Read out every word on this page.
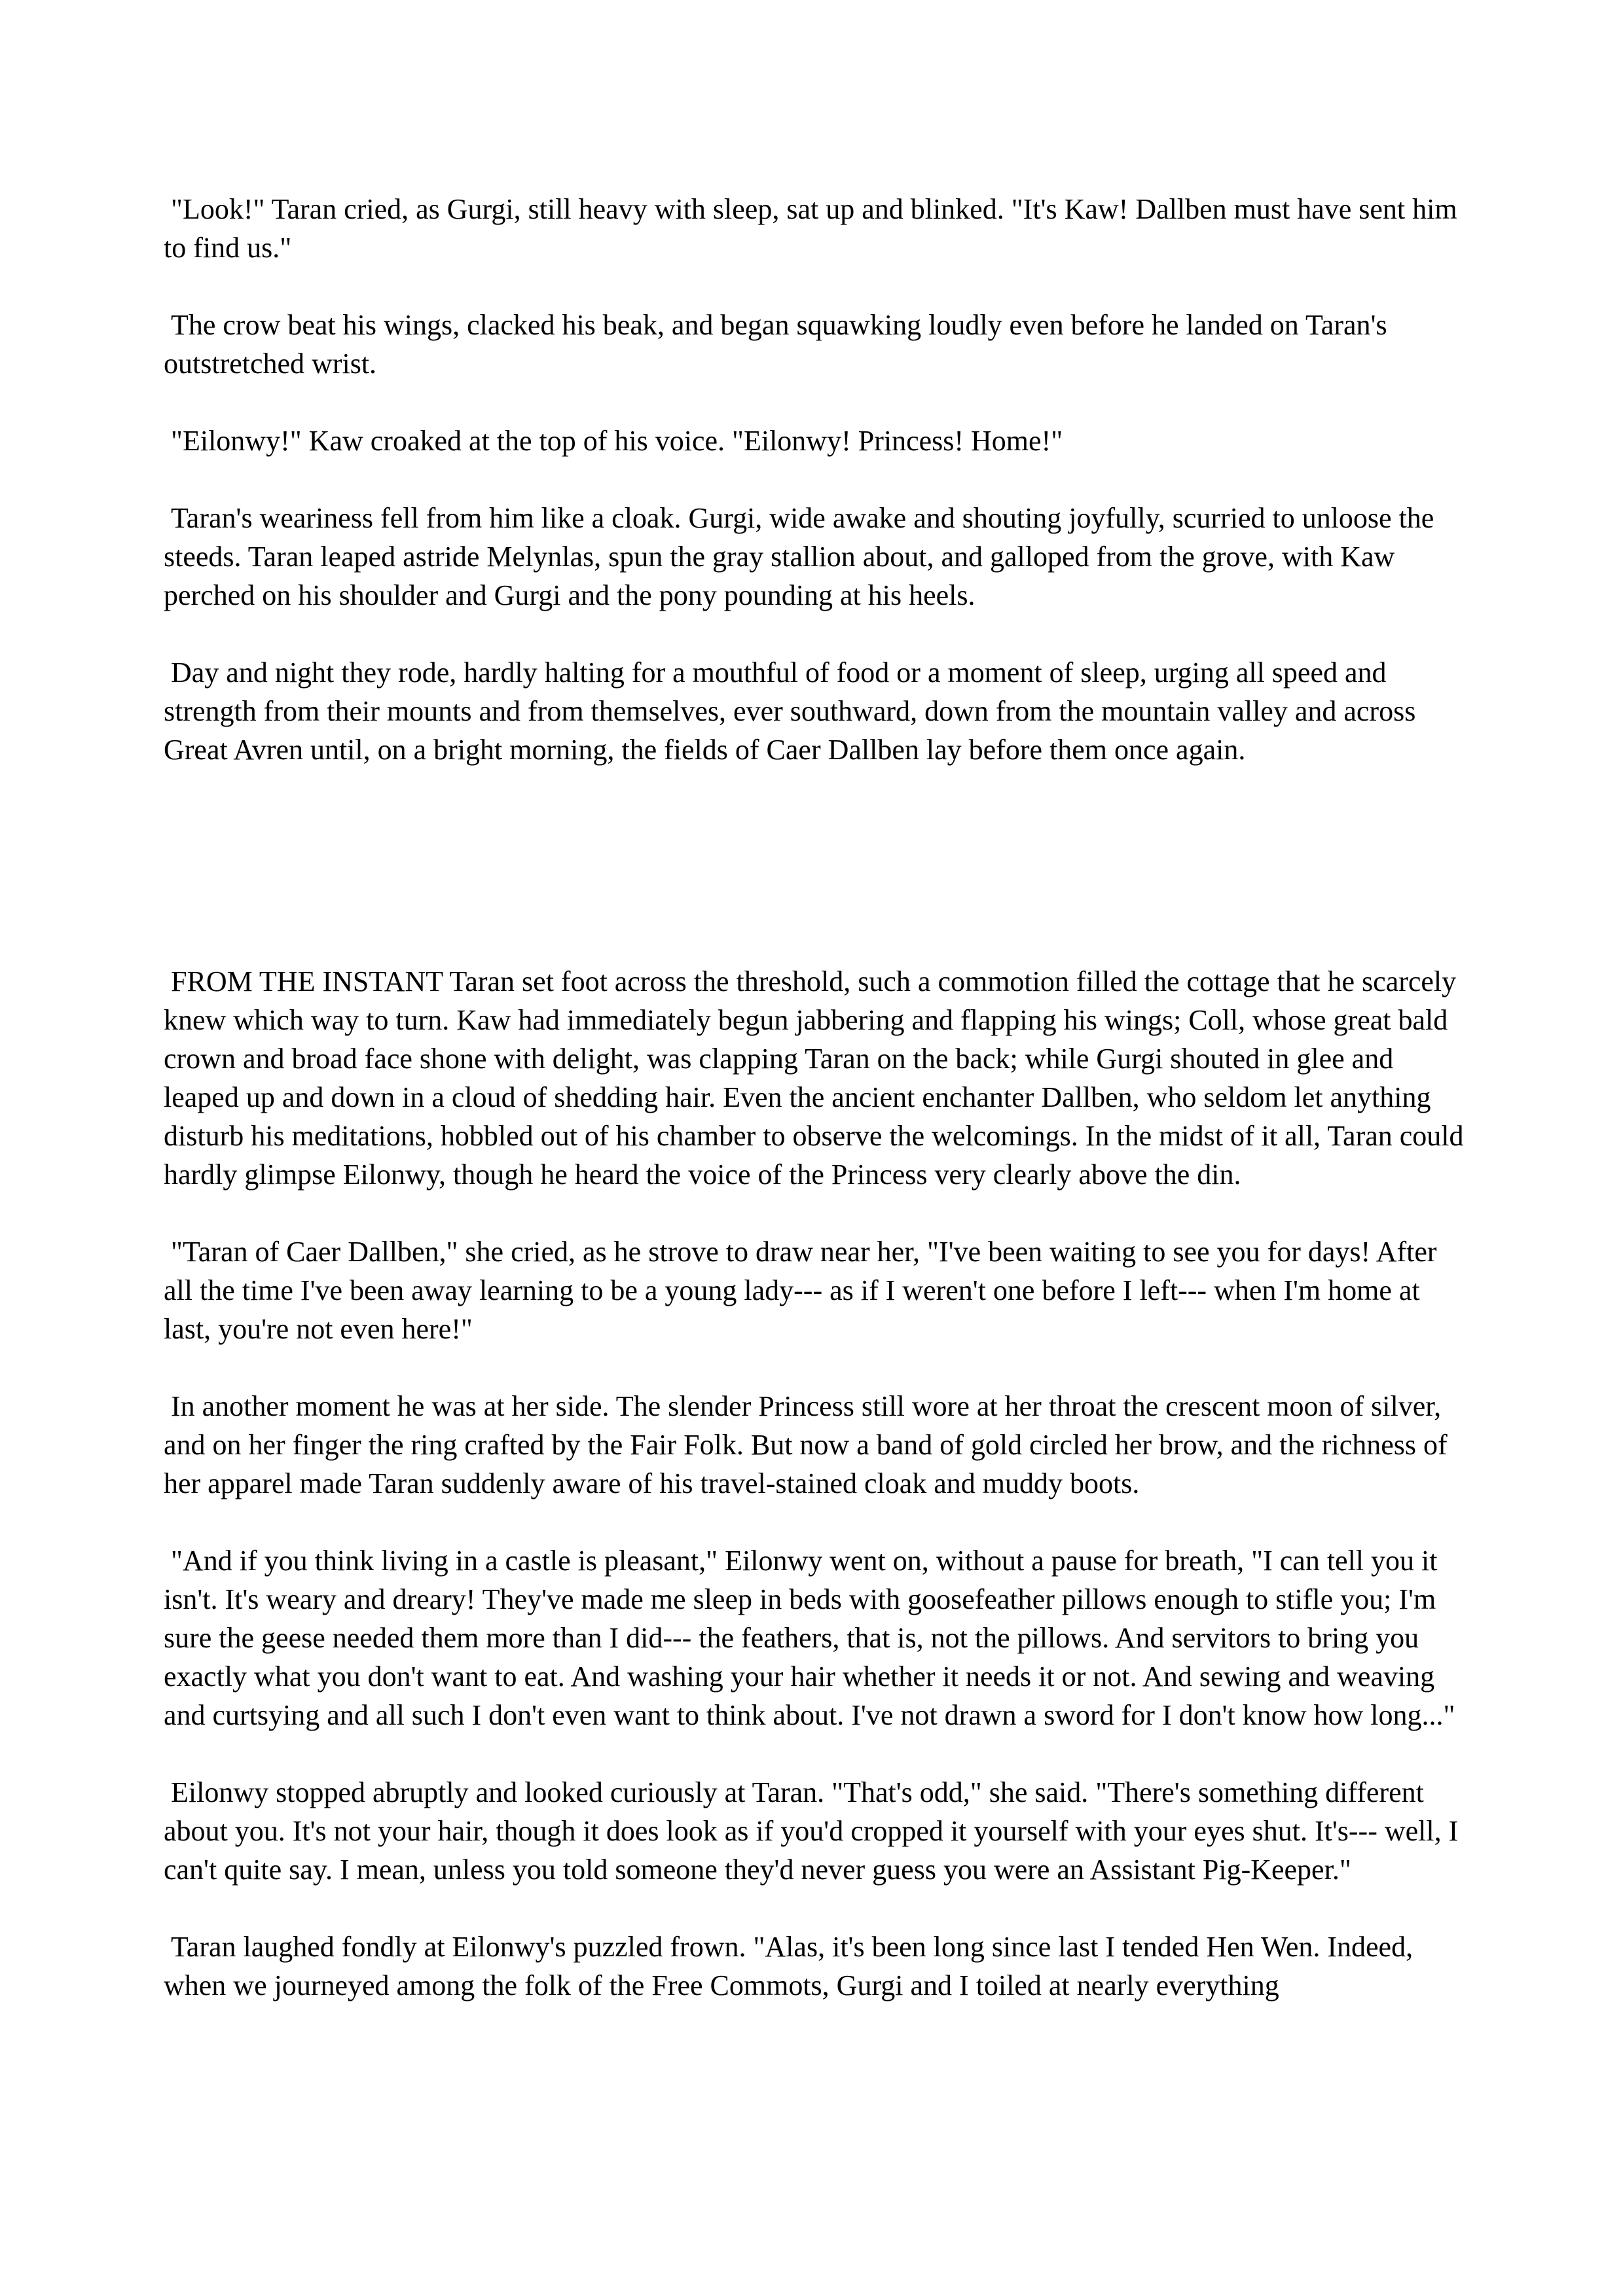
"Look!" Taran cried, as Gurgi, still heavy with sleep, sat up and blinked. "It's Kaw! Dallben must have sent him to find us."

The crow beat his wings, clacked his beak, and began squawking loudly even before he landed on Taran's outstretched wrist.

"Eilonwy!" Kaw croaked at the top of his voice. "Eilonwy! Princess! Home!"

Taran's weariness fell from him like a cloak. Gurgi, wide awake and shouting joyfully, scurried to unloose the steeds. Taran leaped astride Melynlas, spun the gray stallion about, and galloped from the grove, with Kaw perched on his shoulder and Gurgi and the pony pounding at his heels.

Day and night they rode, hardly halting for a mouthful of food or a moment of sleep, urging all speed and strength from their mounts and from themselves, ever southward, down from the mountain valley and across Great Avren until, on a bright morning, the fields of Caer Dallben lay before them once again.

FROM THE INSTANT Taran set foot across the threshold, such a commotion filled the cottage that he scarcely knew which way to turn. Kaw had immediately begun jabbering and flapping his wings; Coll, whose great bald crown and broad face shone with delight, was clapping Taran on the back; while Gurgi shouted in glee and leaped up and down in a cloud of shedding hair. Even the ancient enchanter Dallben, who seldom let anything disturb his meditations, hobbled out of his chamber to observe the welcomings. In the midst of it all, Taran could hardly glimpse Eilonwy, though he heard the voice of the Princess very clearly above the din.

"Taran of Caer Dallben," she cried, as he strove to draw near her, "I've been waiting to see you for days! After all the time I've been away learning to be a young lady--- as if I weren't one before I left--- when I'm home at last, you're not even here!"

In another moment he was at her side. The slender Princess still wore at her throat the crescent moon of silver, and on her finger the ring crafted by the Fair Folk. But now a band of gold circled her brow, and the richness of her apparel made Taran suddenly aware of his travel-stained cloak and muddy boots.

"And if you think living in a castle is pleasant," Eilonwy went on, without a pause for breath, "I can tell you it isn't. It's weary and dreary! They've made me sleep in beds with goosefeather pillows enough to stifle you; I'm sure the geese needed them more than I did--- the feathers, that is, not the pillows. And servitors to bring you exactly what you don't want to eat. And washing your hair whether it needs it or not. And sewing and weaving and curtsying and all such I don't even want to think about. I've not drawn a sword for I don't know how long..."

Eilonwy stopped abruptly and looked curiously at Taran. "That's odd," she said. "There's something different about you. It's not your hair, though it does look as if you'd cropped it yourself with your eyes shut. It's--- well, I can't quite say. I mean, unless you told someone they'd never guess you were an Assistant Pig-Keeper."

Taran laughed fondly at Eilonwy's puzzled frown. "Alas, it's been long since last I tended Hen Wen. Indeed, when we journeyed among the folk of the Free Commots, Gurgi and I toiled at nearly everything
